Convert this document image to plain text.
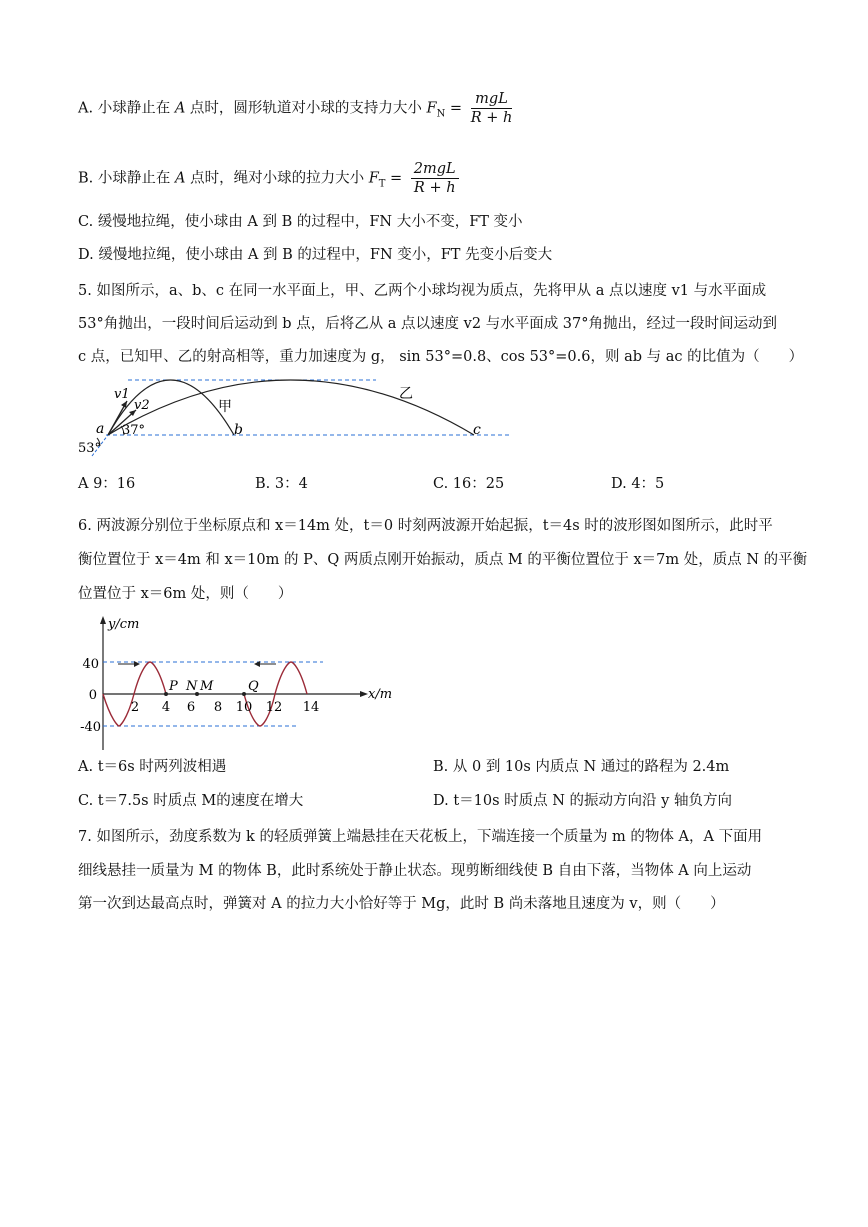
A. 小球静止在 A 点时，圆形轨道对小球的支持力大小 $F_N = \frac{\text{mgL}}{R + h}$
B. 小球静止在 A 点时，绳对小球的拉力大小 $F_T = \frac{\text{2mgL}}{R + h}$
C. 缓慢地拉绳，使小球由 A 到 B 的过程中，FN 大小不变，FT 变小
D. 缓慢地拉绳，使小球由 A 到 B 的过程中，FN 变小，FT 先变小后变大
5. 如图所示，a、b、c 在同一水平面上，甲、乙两个小球均视为质点，先将甲从 a 点以速度 v1 与水平面成
53°角抛出，一段时间后运动到 b 点，后将乙从 a 点以速度 v2 与水平面成 37°角抛出，经过一段时间运动到
c 点，已知甲、乙的射高相等，重力加速度为 g， sin 53°=0.8、cos 53°=0.6，则 ab 与 ac 的比值为（　　）
v1
v2
a	b	c
甲
乙
37°
53°
A 9：16	B. 3：4	C. 16：25	D. 4：5
6. 两波源分别位于坐标原点和 x＝14m 处，t＝0 时刻两波源开始起振，t＝4s 时的波形图如图所示，此时平
衡位置位于 x＝4m 和 x＝10m 的 P、Q 两质点刚开始振动，质点 M 的平衡位置位于 x＝7m 处，质点 N 的平衡
位置位于 x＝6m 处，则（　　）
40
0
-40
2 4 6 8 10 12 14
P N M	Q
y/cm
x/m
A. t＝6s 时两列波相遇	B. 从 0 到 10s 内质点 N 通过的路程为 2.4m
C. t＝7.5s 时质点 M的速度在增大	D. t＝10s 时质点 N 的振动方向沿 y 轴负方向
7. 如图所示，劲度系数为 k 的轻质弹簧上端悬挂在天花板上，下端连接一个质量为 m 的物体 A，A 下面用
细线悬挂一质量为 M 的物体 B，此时系统处于静止状态。现剪断细线使 B 自由下落，当物体 A 向上运动
第一次到达最高点时，弹簧对 A 的拉力大小恰好等于 Mg，此时 B 尚未落地且速度为 v，则（　　）
